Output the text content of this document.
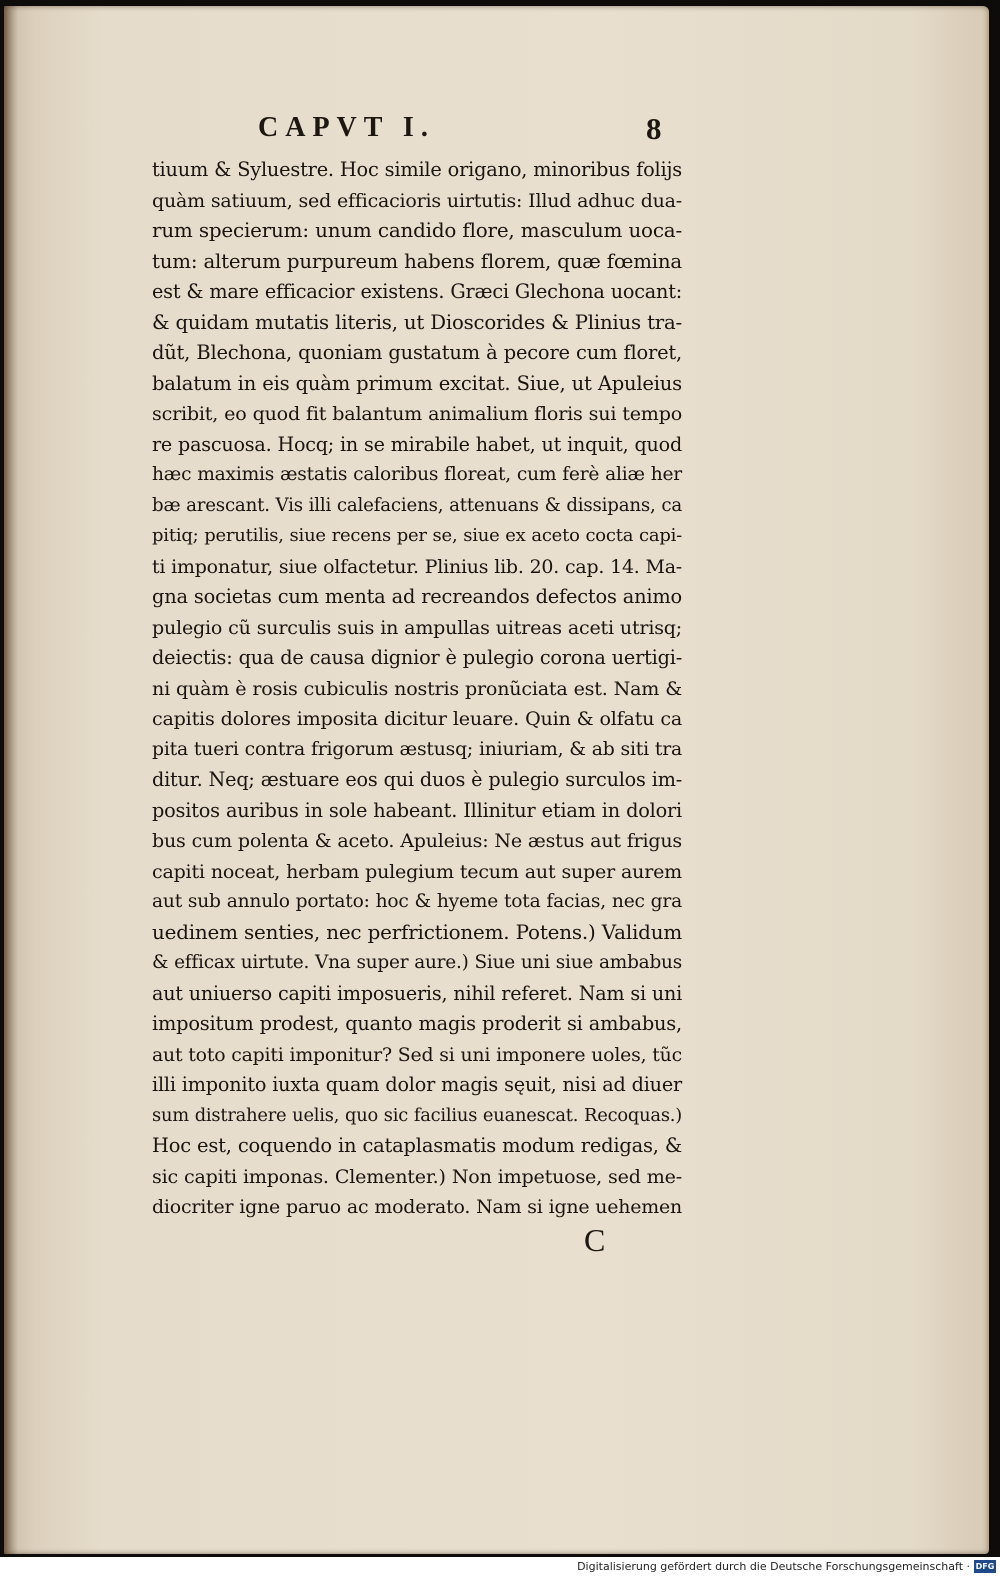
CAPVT I.	8
tiuum & Syluestre. Hoc simile origano, minoribus folijs
quàm satiuum, sed efficacioris uirtutis: Illud adhuc dua-
rum specierum: unum candido flore, masculum uoca-
tum: alterum purpureum habens florem, quæ fœmina
est & mare efficacior existens. Græci Glechona uocant:
& quidam mutatis literis, ut Dioscorides & Plinius tra-
dũt, Blechona, quoniam gustatum à pecore cum floret,
balatum in eis quàm primum excitat. Siue, ut Apuleius
scribit, eo quod fit balantum animalium floris sui tempo
re pascuosa. Hocq; in se mirabile habet, ut inquit, quod
hæc maximis æstatis caloribus floreat, cum ferè aliæ her
bæ arescant. Vis illi calefaciens, attenuans & dissipans, ca
pitiq; perutilis, siue recens per se, siue ex aceto cocta capi-
ti imponatur, siue olfactetur. Plinius lib. 20. cap. 14. Ma-
gna societas cum menta ad recreandos defectos animo
pulegio cũ surculis suis in ampullas uitreas aceti utrisq;
deiectis: qua de causa dignior è pulegio corona uertigi-
ni quàm è rosis cubiculis nostris pronũciata est. Nam &
capitis dolores imposita dicitur leuare. Quin & olfatu ca
pita tueri contra frigorum æstusq; iniuriam, & ab siti tra
ditur. Neq; æstuare eos qui duos è pulegio surculos im-
positos auribus in sole habeant. Illinitur etiam in dolori
bus cum polenta & aceto. Apuleius: Ne æstus aut frigus
capiti noceat, herbam pulegium tecum aut super aurem
aut sub annulo portato: hoc & hyeme tota facias, nec gra
uedinem senties, nec perfrictionem. Potens.) Validum
& efficax uirtute. Vna super aure.) Siue uni siue ambabus
aut uniuerso capiti imposueris, nihil referet. Nam si uni
impositum prodest, quanto magis proderit si ambabus,
aut toto capiti imponitur? Sed si uni imponere uoles, tũc
illi imponito iuxta quam dolor magis sęuit, nisi ad diuer
sum distrahere uelis, quo sic facilius euanescat. Recoquas.)
Hoc est, coquendo in cataplasmatis modum redigas, &
sic capiti imponas. Clementer.) Non impetuose, sed me-
diocriter igne paruo ac moderato. Nam si igne uehemen
C
Digitalisierung gefördert durch die Deutsche Forschungsgemeinschaft · DFG
